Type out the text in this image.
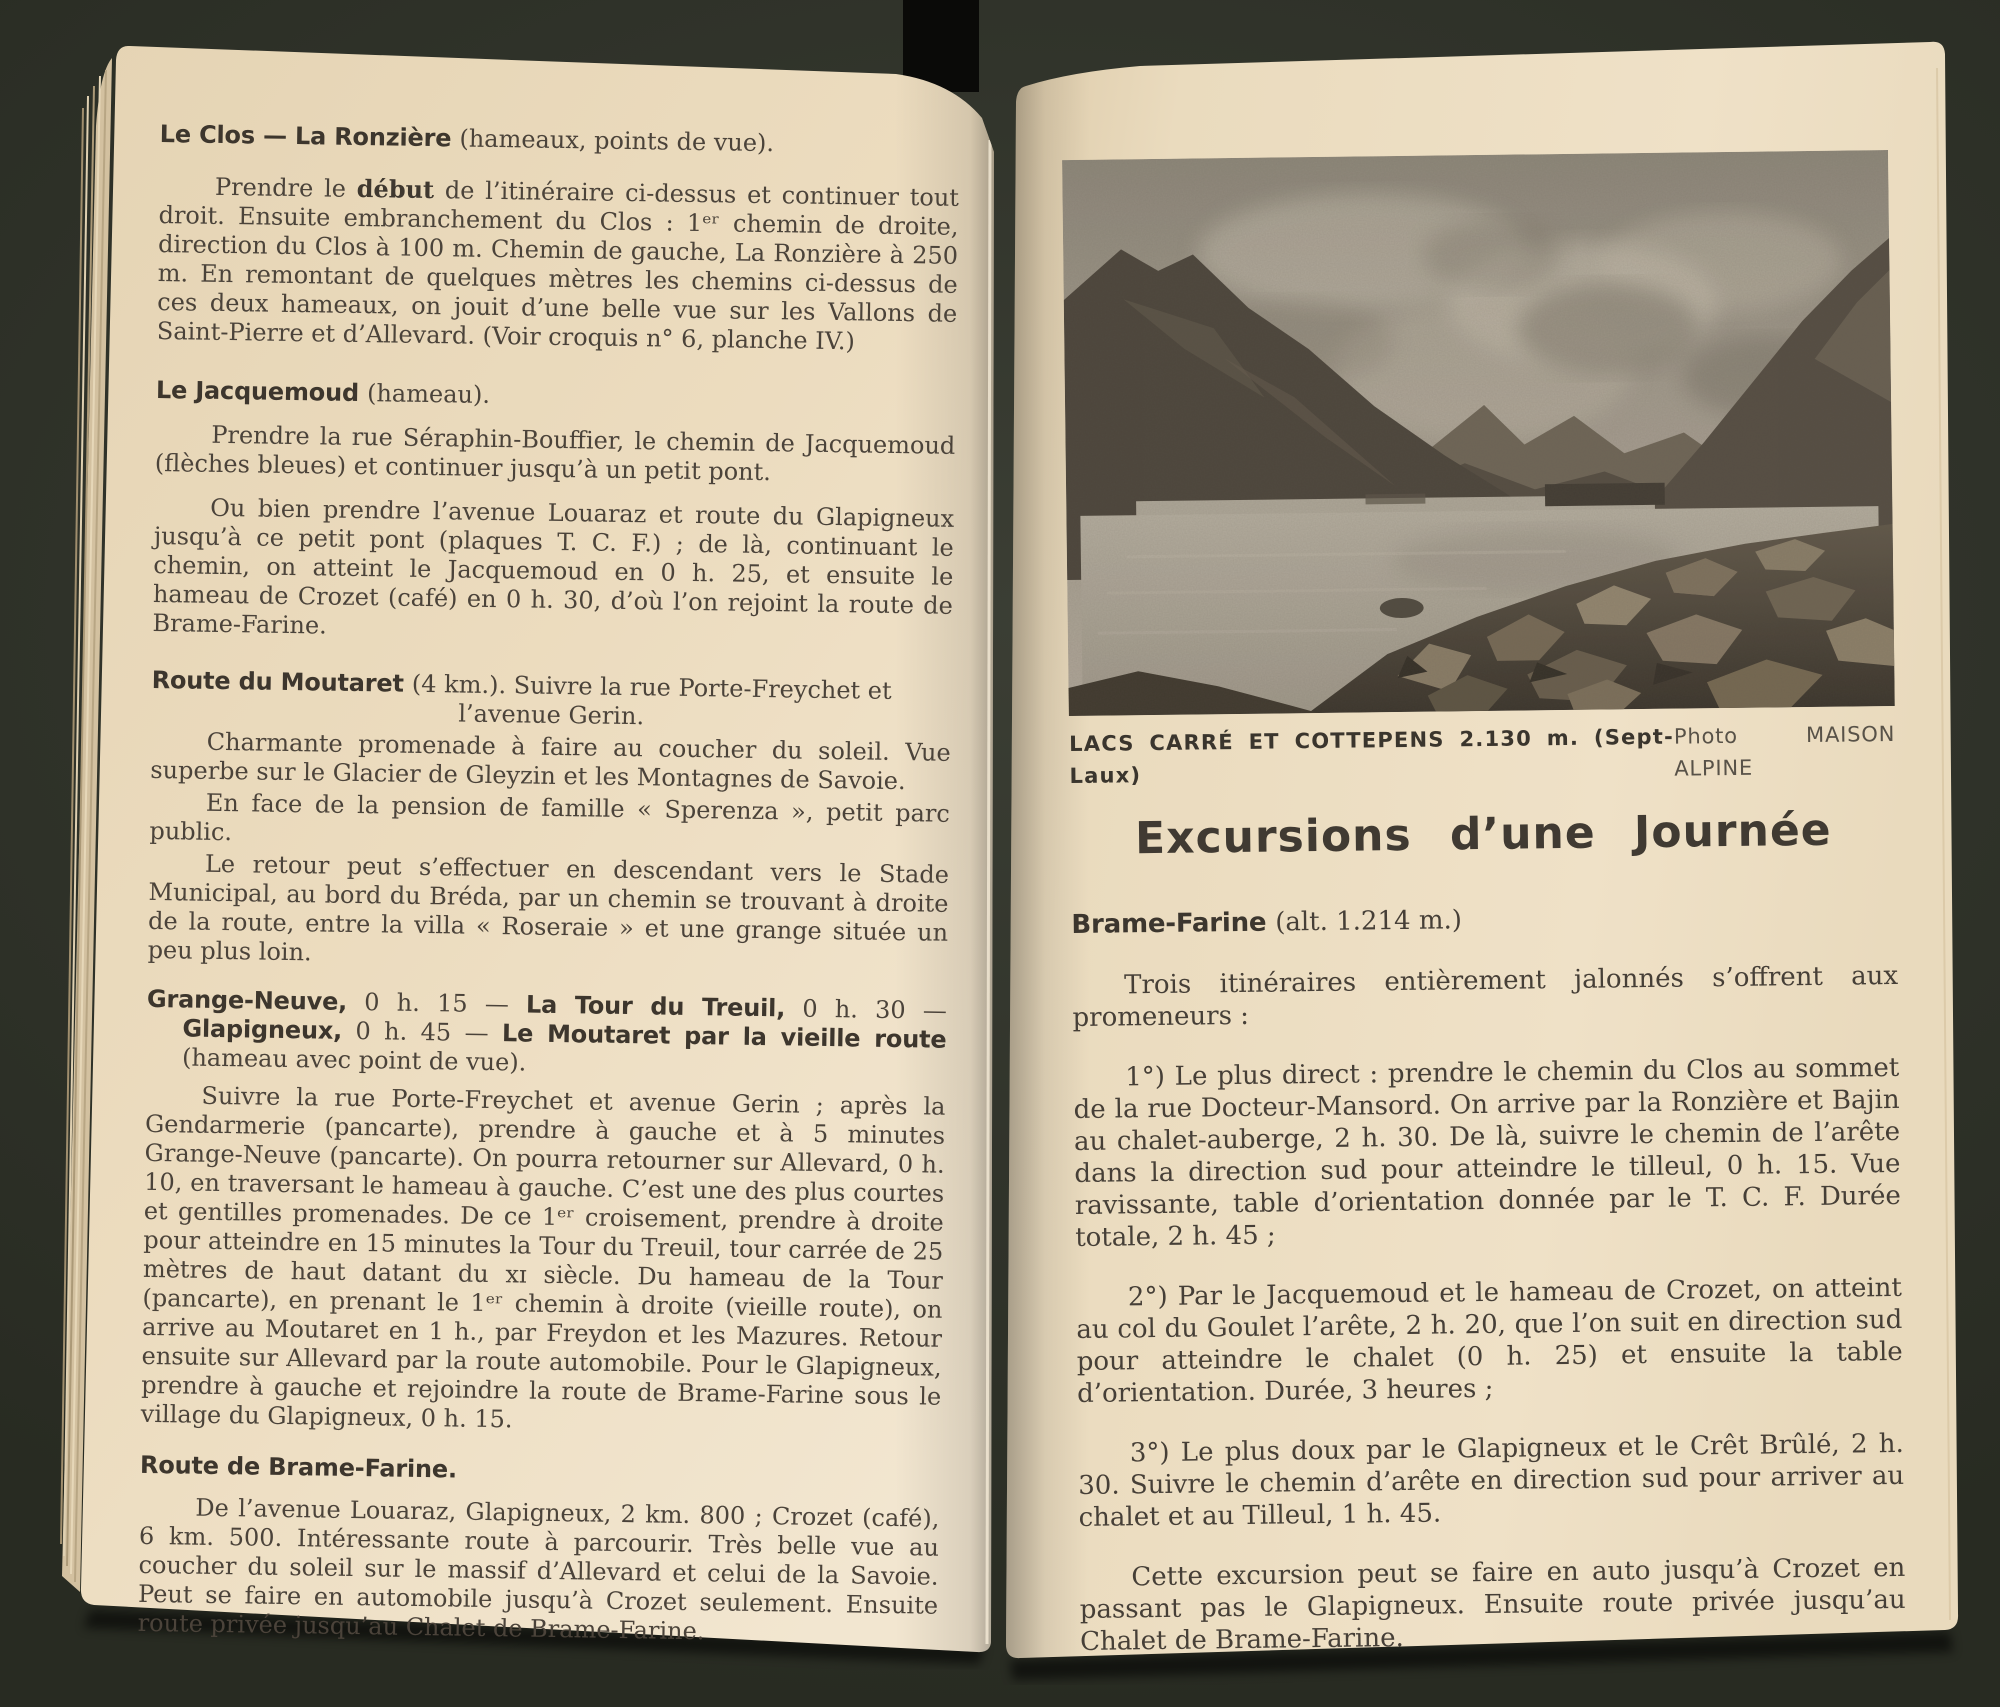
Le Clos — La Ronzière (hameaux, points de vue).
Prendre le début de l’itinéraire ci-dessus et continuer tout droit. Ensuite embranchement du Clos : 1ᵉʳ chemin de droite, direction du Clos à 100 m. Chemin de gauche, La Ronzière à 250 m. En remontant de quelques mètres les chemins ci-dessus de ces deux hameaux, on jouit d’une belle vue sur les Vallons de Saint-Pierre et d’Allevard. (Voir croquis n° 6, planche IV.)
Le Jacquemoud (hameau).
Prendre la rue Séraphin-Bouffier, le chemin de Jacquemoud (flèches bleues) et continuer jusqu’à un petit pont.
Ou bien prendre l’avenue Louaraz et route du Glapigneux jusqu’à ce petit pont (plaques T. C. F.) ; de là, continuant le chemin, on atteint le Jacquemoud en 0 h. 25, et ensuite le hameau de Crozet (café) en 0 h. 30, d’où l’on rejoint la route de Brame-Farine.
Route du Moutaret (4 km.). Suivre la rue Porte-Freychet et
l’avenue Gerin.
Charmante promenade à faire au coucher du soleil. Vue superbe sur le Glacier de Gleyzin et les Montagnes de Savoie.
En face de la pension de famille « Sperenza », petit parc public.
Le retour peut s’effectuer en descendant vers le Stade Municipal, au bord du Bréda, par un chemin se trouvant à droite de la route, entre la villa « Roseraie » et une grange située un peu plus loin.
Grange-Neuve, 0 h. 15 — La Tour du Treuil, 0 h. 30 — Glapigneux, 0 h. 45 — Le Moutaret par la vieille route (hameau avec point de vue).
Suivre la rue Porte-Freychet et avenue Gerin ; après la Gendarmerie (pancarte), prendre à gauche et à 5 minutes Grange-Neuve (pancarte). On pourra retourner sur Allevard, 0 h. 10, en traversant le hameau à gauche. C’est une des plus courtes et gentilles promenades. De ce 1ᵉʳ croisement, prendre à droite pour atteindre en 15 minutes la Tour du Treuil, tour carrée de 25 mètres de haut datant du xɪ siècle. Du hameau de la Tour (pancarte), en prenant le 1ᵉʳ chemin à droite (vieille route), on arrive au Moutaret en 1 h., par Freydon et les Mazures. Retour ensuite sur Allevard par la route automobile. Pour le Glapigneux, prendre à gauche et rejoindre la route de Brame-Farine sous le village du Glapigneux, 0 h. 15.
Route de Brame-Farine.
De l’avenue Louaraz, Glapigneux, 2 km. 800 ; Crozet (café), 6 km. 500. Intéressante route à parcourir. Très belle vue au coucher du soleil sur le massif d’Allevard et celui de la Savoie. Peut se faire en automobile jusqu’à Crozet seulement. Ensuite route privée jusqu’au Chalet de Brame-Farine.
LACS CARRÉ ET COTTEPENS 2.130 m. (Sept-Laux)
Photo MAISON ALPINE
Excursions d’une Journée
Brame-Farine (alt. 1.214 m.)
Trois itinéraires entièrement jalonnés s’offrent aux promeneurs :
1°) Le plus direct : prendre le chemin du Clos au sommet de la rue Docteur-Mansord. On arrive par la Ronzière et Bajin au chalet-auberge, 2 h. 30. De là, suivre le chemin de l’arête dans la direction sud pour atteindre le tilleul, 0 h. 15. Vue ravissante, table d’orientation donnée par le T. C. F. Durée totale, 2 h. 45 ;
2°) Par le Jacquemoud et le hameau de Crozet, on atteint au col du Goulet l’arête, 2 h. 20, que l’on suit en direction sud pour atteindre le chalet (0 h. 25) et ensuite la table d’orientation. Durée, 3 heures ;
3°) Le plus doux par le Glapigneux et le Crêt Brûlé, 2 h. 30. Suivre le chemin d’arête en direction sud pour arriver au chalet et au Tilleul, 1 h. 45.
Cette excursion peut se faire en auto jusqu’à Crozet en passant pas le Glapigneux. Ensuite route privée jusqu’au Chalet de Brame-Farine.
